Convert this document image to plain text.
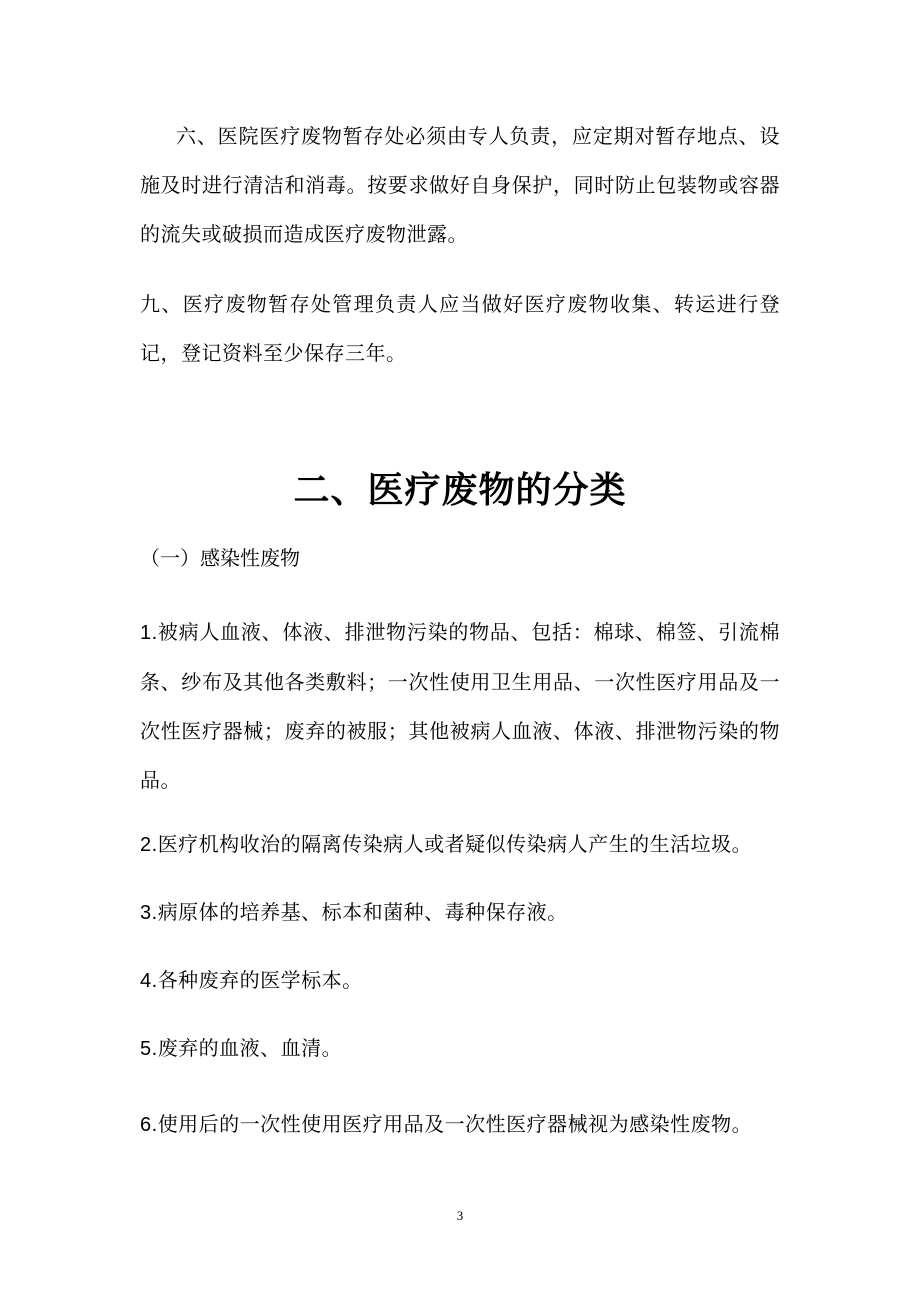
六、医院医疗废物暂存处必须由专人负责，应定期对暂存地点、设施及时进行清洁和消毒。按要求做好自身保护，同时防止包装物或容器的流失或破损而造成医疗废物泄露。

九、医疗废物暂存处管理负责人应当做好医疗废物收集、转运进行登记，登记资料至少保存三年。

二、医疗废物的分类

（一）感染性废物

1.被病人血液、体液、排泄物污染的物品、包括：棉球、棉签、引流棉条、纱布及其他各类敷料；一次性使用卫生用品、一次性医疗用品及一次性医疗器械；废弃的被服；其他被病人血液、体液、排泄物污染的物品。

2.医疗机构收治的隔离传染病人或者疑似传染病人产生的生活垃圾。

3.病原体的培养基、标本和菌种、毒种保存液。

4.各种废弃的医学标本。

5.废弃的血液、血清。

6.使用后的一次性使用医疗用品及一次性医疗器械视为感染性废物。

3
